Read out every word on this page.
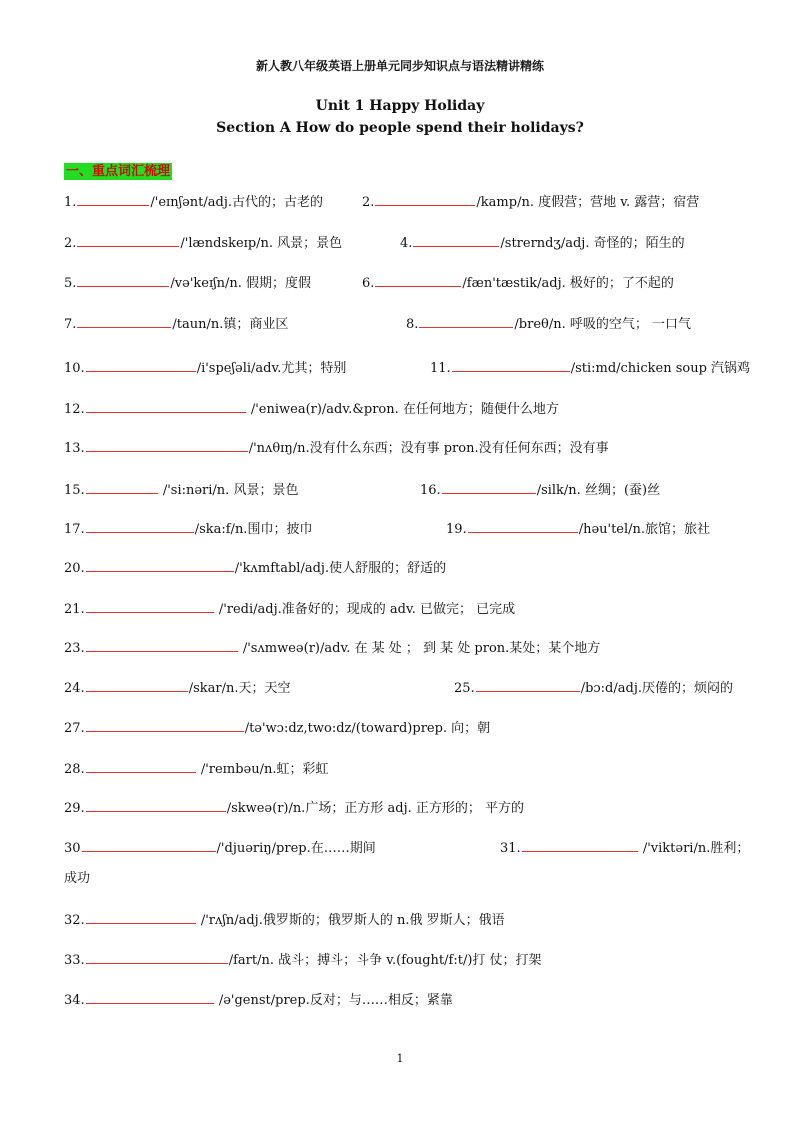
新人教八年级英语上册单元同步知识点与语法精讲精练
Unit 1 Happy Holiday
Section A How do people spend their holidays?
一、重点词汇梳理
1.	/'eɪnʃənt/adj.古代的；古老的	2.	/kamp/n. 度假营；营地 v. 露营；宿营
2.	/'lændskeɪp/n. 风景；景色	4.	/strerndʒ/adj. 奇怪的；陌生的
5.	/və'keɪʃn/n. 假期；度假	6.	/fæn'tæstik/adj. 极好的；了不起的
7.	/taun/n.镇；商业区	8.	/breθ/n. 呼吸的空气； 一口气
10.	/i'speʃəli/adv.尤其；特别	11.	/sti:md/chicken soup 汽锅鸡
12.	/'eniwea(r)/adv.&pron. 在任何地方；随便什么地方
13.	/'nʌθɪŋ/n.没有什么东西；没有事 pron.没有任何东西；没有事
15.	/'si:nəri/n. 风景；景色	16.	/silk/n. 丝绸；(蚕)丝
17.	/ska:f/n.围巾；披巾	19.	/həu'tel/n.旅馆；旅社
20.	/'kʌmftabl/adj.使人舒服的；舒适的
21.	/'redi/adj.准备好的；现成的 adv. 已做完； 已完成
23.	/'sʌmweə(r)/adv. 在 某 处 ； 到 某 处 pron.某处；某个地方
24.	/skar/n.天；天空	25.	/bɔ:d/adj.厌倦的；烦闷的
27.	/tə'wɔ:dz,two:dz/(toward)prep. 向；朝
28.	/'reɪnbəu/n.虹；彩虹
29.	/skweə(r)/n.广场；正方形 adj. 正方形的； 平方的
30	/'djuəriŋ/prep.在……期间	31.	/'viktəri/n.胜利；
成功
32.	/'rʌʃn/adj.俄罗斯的；俄罗斯人的 n.俄 罗斯人；俄语
33.	/fart/n. 战斗；搏斗；斗争 v.(fought/f:t/)打 仗；打架
34.	/ə'genst/prep.反对；与……相反；紧靠
1
